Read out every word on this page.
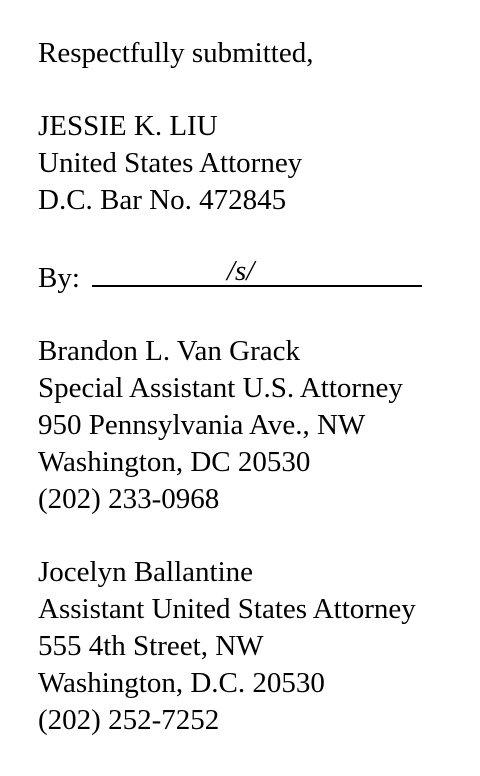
Respectfully submitted,
JESSIE K. LIU
United States Attorney
D.C. Bar No. 472845
By:	/s/
Brandon L. Van Grack
Special Assistant U.S. Attorney
950 Pennsylvania Ave., NW
Washington, DC 20530
(202) 233-0968
Jocelyn Ballantine
Assistant United States Attorney
555 4th Street, NW
Washington, D.C. 20530
(202) 252-7252
